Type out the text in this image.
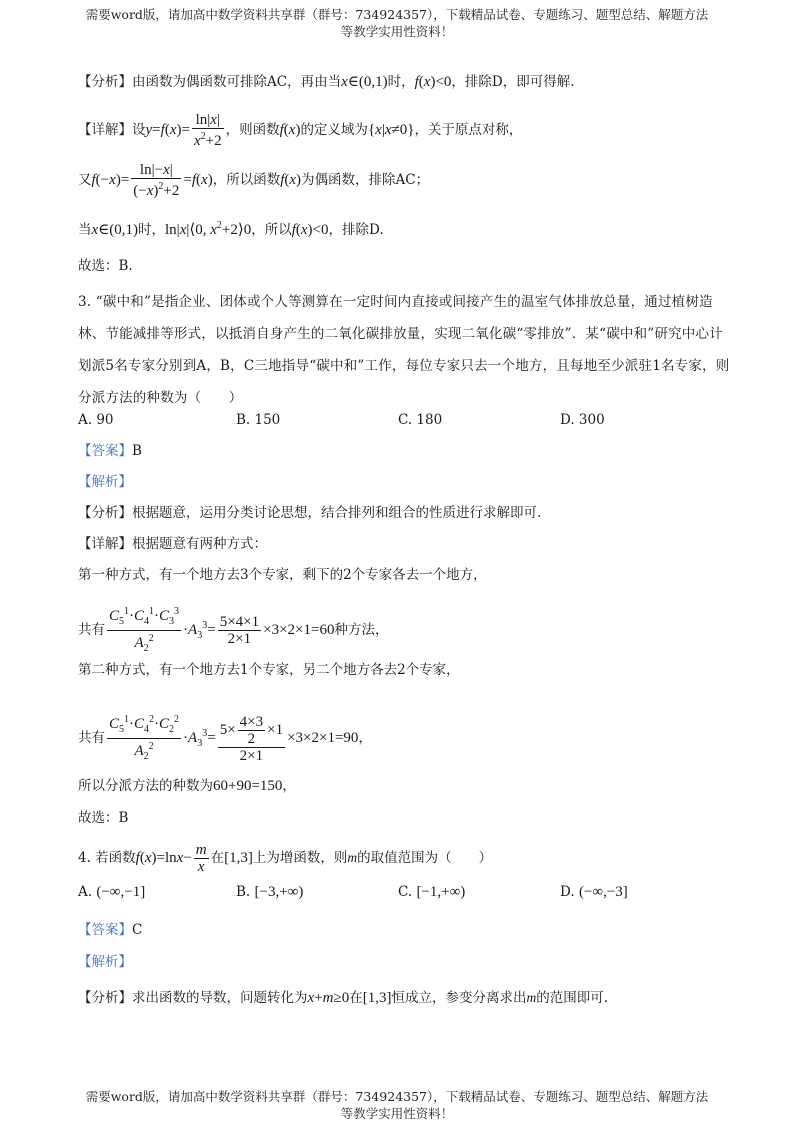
需要word版，请加高中数学资料共享群（群号：734924357），下载精品试卷、专题练习、题型总结、解题方法
等教学实用性资料！
【分析】由函数为偶函数可排除AC，再由当x∈(0,1)时，f(x)<0，排除D，即可得解.
【详解】设$y=f(x)= \frac{\ln|x|}{x^2+2}$ ，则函数f(x)的定义域为{x|x≠0}，关于原点对称，
又$f(-x)= \frac{\ln|-x|}{(-x)^2+2} =f(x)$，所以函数f(x)为偶函数，排除AC；
当x∈(0,1)时，ln|x|⟨0, $x^2+2⟩0$，所以f(x)<0，排除D.
故选：B.
3. “碳中和”是指企业、团体或个人等测算在一定时间内直接或间接产生的温室气体排放总量，通过植树造林、节能减排等形式，以抵消自身产生的二氧化碳排放量，实现二氧化碳“零排放”．某“碳中和”研究中心计划派5名专家分别到A，B，C三地指导“碳中和”工作，每位专家只去一个地方，且每地至少派驻1名专家，则分派方法的种数为（　　）
A. 90	B. 150	C. 180	D. 300
【答案】B
【解析】
【分析】根据题意，运用分类讨论思想，结合排列和组合的性质进行求解即可.
【详解】根据题意有两种方式：
第一种方式，有一个地方去3个专家，剩下的2个专家各去一个地方，
共有 $\frac{C_5^1\cdot C_4^1\cdot C_3^3}{A_2^2} \cdot A_3^3= \frac{5\times 4\times 1}{2\times 1} \times 3\times 2\times 1=60$种方法，
第二种方式，有一个地方去1个专家，另二个地方各去2个专家，
共有 $\frac{C_5^1\cdot C_4^2\cdot C_2^2}{A_2^2} \cdot A_3^3= \frac{5\times \frac{4\times 3}{2} \times 1}{2\times 1} \times 3\times 2\times 1=90$，
所以分派方法的种数为60+90=150，
故选：B
4. 若函数$f(x)=\ln x- \frac{m}{x}$ 在[1,3]上为增函数，则m的取值范围为（　　）
A. (−∞,−1]	B. [−3,+∞)	C. [−1,+∞)	D. (−∞,−3]
【答案】C
【解析】
【分析】求出函数的导数，问题转化为x+m≥0在[1,3]恒成立，参变分离求出m的范围即可.
需要word版，请加高中数学资料共享群（群号：734924357），下载精品试卷、专题练习、题型总结、解题方法
等教学实用性资料！
